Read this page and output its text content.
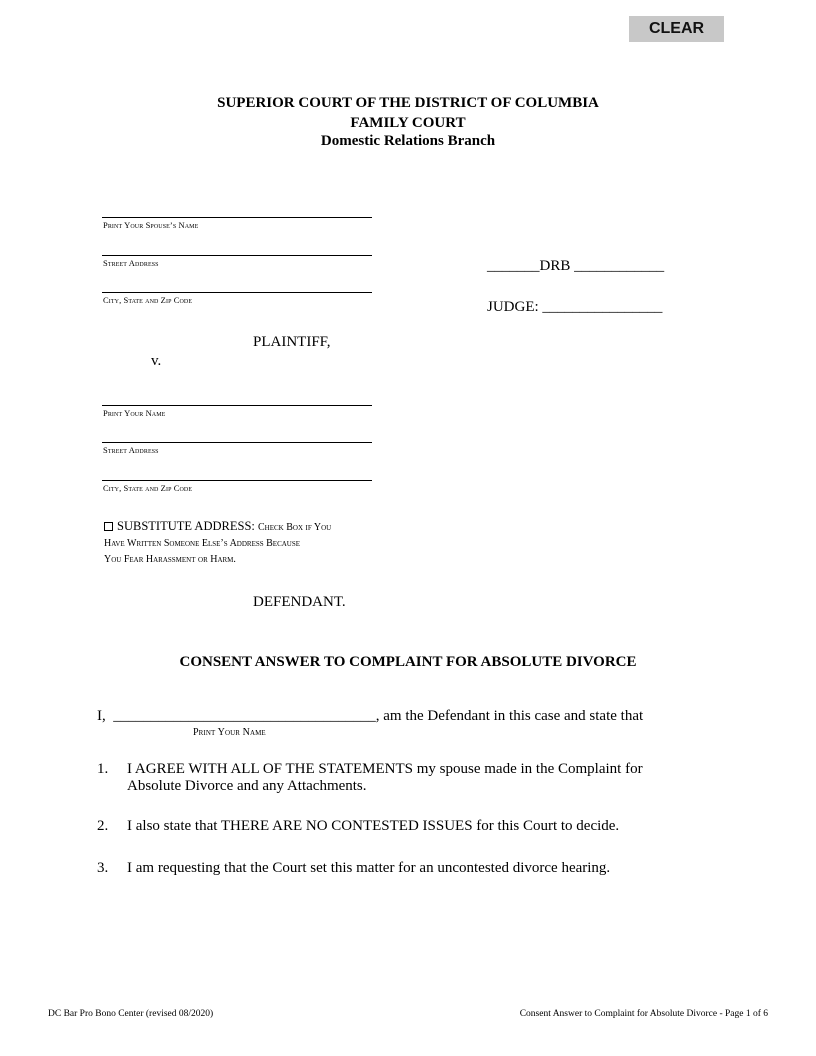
CLEAR
SUPERIOR COURT OF THE DISTRICT OF COLUMBIA
FAMILY COURT
Domestic Relations Branch
Print Your Spouse’s Name
Street Address
City, State and Zip Code
PLAINTIFF,
v.
_______DRB ____________
JUDGE: ________________
Print Your Name
Street Address
City, State and Zip Code
SUBSTITUTE ADDRESS: Check Box if You
Have Written Someone Else’s Address Because
You Fear Harassment or Harm.
DEFENDANT.
CONSENT ANSWER TO COMPLAINT FOR ABSOLUTE DIVORCE
I, ___________________________________, am the Defendant in this case and state that
Print Your Name
1. I AGREE WITH ALL OF THE STATEMENTS my spouse made in the Complaint for
Absolute Divorce and any Attachments.
2. I also state that THERE ARE NO CONTESTED ISSUES for this Court to decide.
3. I am requesting that the Court set this matter for an uncontested divorce hearing.
DC Bar Pro Bono Center (revised 08/2020)	Consent Answer to Complaint for Absolute Divorce - Page 1 of 6
